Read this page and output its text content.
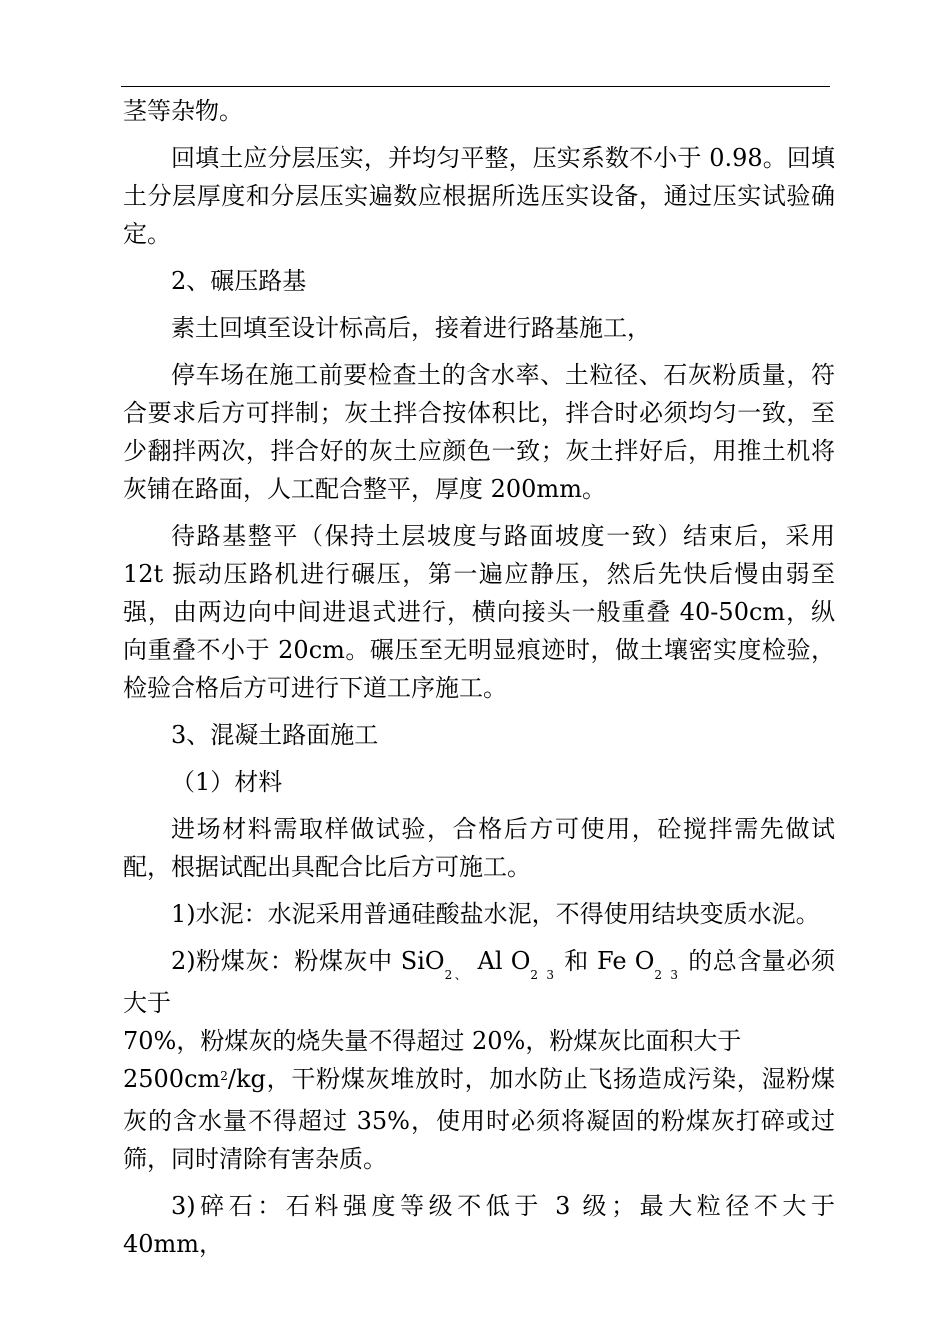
茎等杂物。

回填土应分层压实，并均匀平整，压实系数不小于 0.98。回填土分层厚度和分层压实遍数应根据所选压实设备，通过压实试验确定。

2、碾压路基

素土回填至设计标高后，接着进行路基施工，

停车场在施工前要检查土的含水率、土粒径、石灰粉质量，符合要求后方可拌制；灰土拌合按体积比，拌合时必须均匀一致，至少翻拌两次，拌合好的灰土应颜色一致；灰土拌好后，用推土机将灰铺在路面，人工配合整平，厚度 200mm。

待路基整平（保持土层坡度与路面坡度一致）结束后，采用 12t 振动压路机进行碾压，第一遍应静压，然后先快后慢由弱至强，由两边向中间进退式进行，横向接头一般重叠 40-50cm，纵向重叠不小于 20cm。碾压至无明显痕迹时，做土壤密实度检验，检验合格后方可进行下道工序施工。

3、混凝土路面施工

（1）材料

进场材料需取样做试验，合格后方可使用，砼搅拌需先做试配，根据试配出具配合比后方可施工。

1)水泥：水泥采用普通硅酸盐水泥，不得使用结块变质水泥。

2)粉煤灰：粉煤灰中 SiO$_{2、}$ Al $O_{2 3}$ 和 Fe $O_{2 3}$ 的总含量必须大于
70%，粉煤灰的烧失量不得超过 20%，粉煤灰比面积大于
$2500cm^2/kg$，干粉煤灰堆放时，加水防止飞扬造成污染，湿粉煤灰的含水量不得超过 35%，使用时必须将凝固的粉煤灰打碎或过筛，同时清除有害杂质。

3)碎石：石料强度等级不低于 3 级；最大粒径不大于 40mm，
